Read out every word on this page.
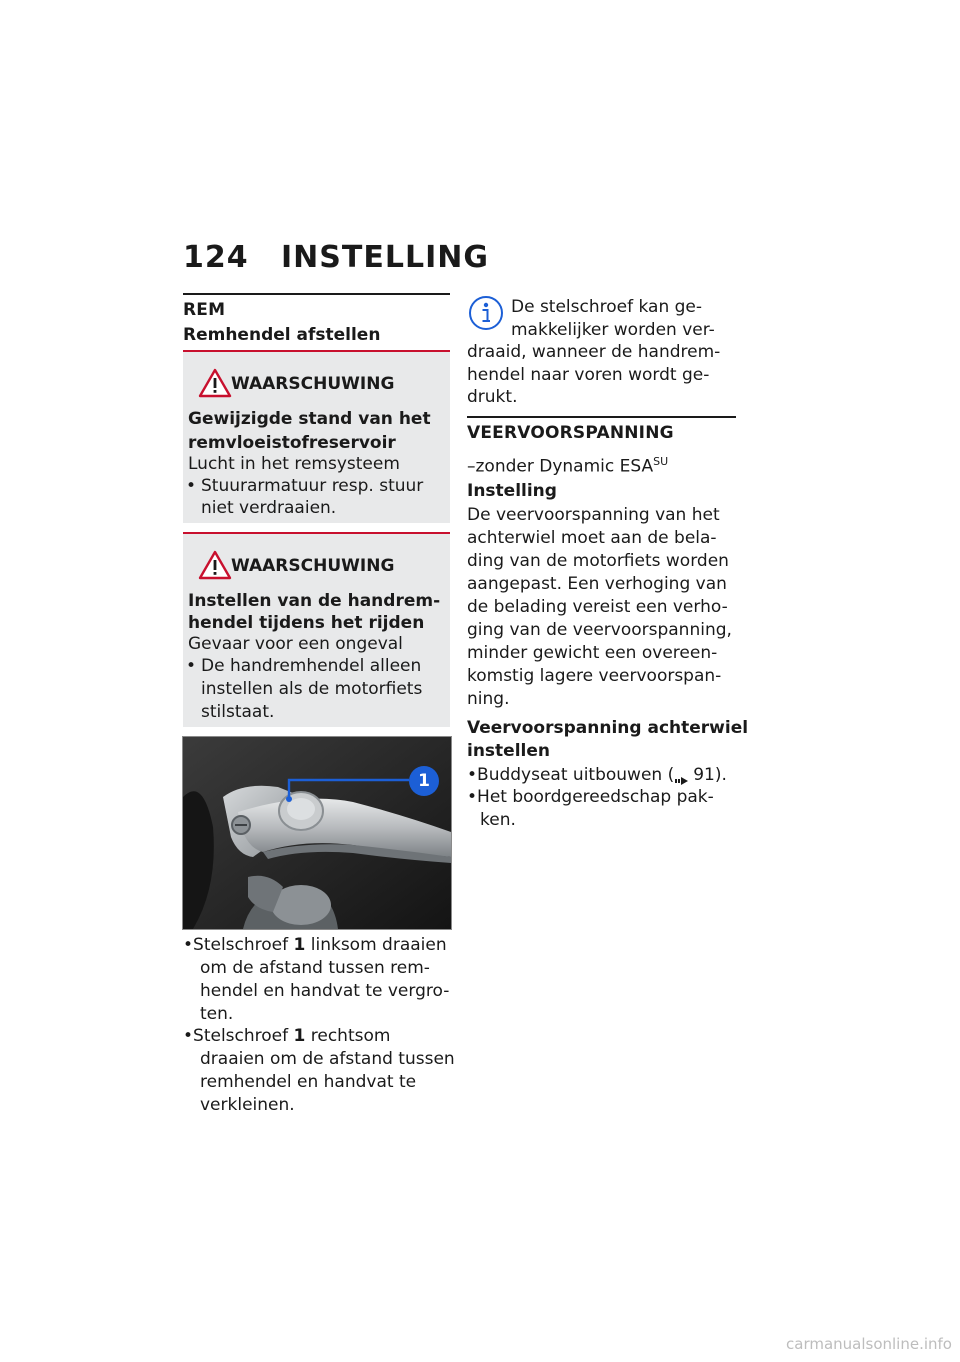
124 INSTELLING
REM
Remhendel afstellen
WAARSCHUWING
Gewijzigde stand van het
remvloeistofreservoir
Lucht in het remsysteem
• Stuurarmatuur resp. stuur
niet verdraaien.
WAARSCHUWING
Instellen van de handrem-
hendel tijdens het rijden
Gevaar voor een ongeval
• De handremhendel alleen
instellen als de motorfiets
stilstaat.
1
•Stelschroef 1 linksom draaien
om de afstand tussen rem-
hendel en handvat te vergro-
ten.
•Stelschroef 1 rechtsom
draaien om de afstand tussen
remhendel en handvat te
verkleinen.
De stelschroef kan ge-
makkelijker worden ver-
draaid, wanneer de handrem-
hendel naar voren wordt ge-
drukt.
VEERVOORSPANNING
–zonder Dynamic $ESA^{SU}$
Instelling
De veervoorspanning van het
achterwiel moet aan de bela-
ding van de motorfiets worden
aangepast. Een verhoging van
de belading vereist een verho-
ging van de veervoorspanning,
minder gewicht een overeen-
komstig lagere veervoorspan-
ning.
Veervoorspanning achterwiel
instellen
•Buddyseat uitbouwen ( 91).
•Het boordgereedschap pak-
ken.
carmanualsonline.info
